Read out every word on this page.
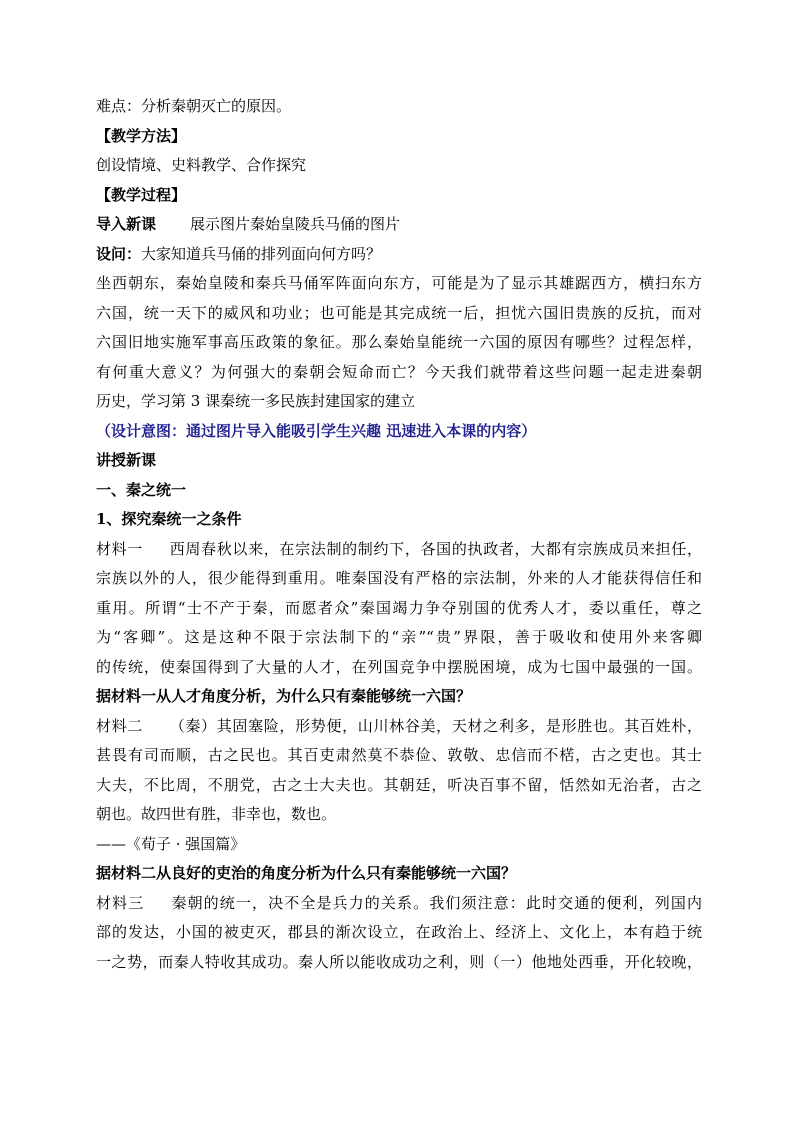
难点：分析秦朝灭亡的原因。
【教学方法】
创设情境、史料教学、合作探究
【教学过程】
导入新课 展示图片秦始皇陵兵马俑的图片
设问：大家知道兵马俑的排列面向何方吗？
坐西朝东，秦始皇陵和秦兵马俑军阵面向东方，可能是为了显示其雄踞西方，横扫东方
六国，统一天下的威风和功业；也可能是其完成统一后，担忧六国旧贵族的反抗，而对
六国旧地实施军事高压政策的象征。那么秦始皇能统一六国的原因有哪些？过程怎样，
有何重大意义？为何强大的秦朝会短命而亡？今天我们就带着这些问题一起走进秦朝
历史，学习第 3 课秦统一多民族封建国家的建立
（设计意图：通过图片导入能吸引学生兴趣 迅速进入本课的内容）
讲授新课
一、秦之统一
1、探究秦统一之条件
材料一 西周春秋以来，在宗法制的制约下，各国的执政者，大都有宗族成员来担任，
宗族以外的人，很少能得到重用。唯秦国没有严格的宗法制，外来的人才能获得信任和
重用。所谓“士不产于秦，而愿者众”秦国竭力争夺别国的优秀人才，委以重任，尊之
为“客卿”。这是这种不限于宗法制下的“亲”“贵”界限，善于吸收和使用外来客卿
的传统，使秦国得到了大量的人才，在列国竞争中摆脱困境，成为七国中最强的一国。
据材料一从人才角度分析，为什么只有秦能够统一六国？
材料二 （秦）其固塞险，形势便，山川林谷美，天材之利多，是形胜也。其百姓朴，
甚畏有司而顺，古之民也。其百吏肃然莫不恭俭、敦敬、忠信而不楛，古之吏也。其士
大夫，不比周，不朋党，古之士大夫也。其朝廷，听决百事不留，恬然如无治者，古之
朝也。故四世有胜，非幸也，数也。
——《荀子 · 强国篇》
据材料二从良好的吏治的角度分析为什么只有秦能够统一六国？
材料三 秦朝的统一，决不全是兵力的关系。我们须注意：此时交通的便利，列国内
部的发达，小国的被吏灭，郡县的渐次设立，在政治上、经济上、文化上，本有趋于统
一之势，而秦人特收其成功。秦人所以能收成功之利，则（一）他地处西垂，开化较晚，
